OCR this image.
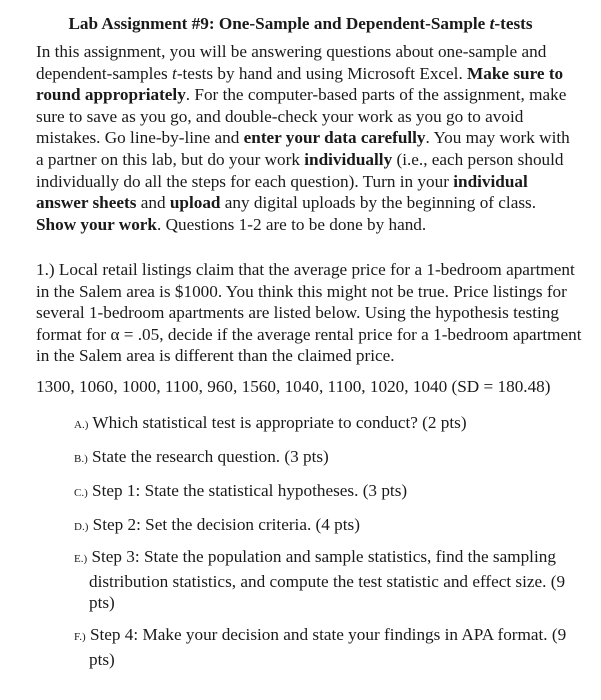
Lab Assignment #9: One-Sample and Dependent-Sample t-tests
In this assignment, you will be answering questions about one-sample and
dependent-samples t-tests by hand and using Microsoft Excel. Make sure to
round appropriately. For the computer-based parts of the assignment, make
sure to save as you go, and double-check your work as you go to avoid
mistakes. Go line-by-line and enter your data carefully. You may work with
a partner on this lab, but do your work individually (i.e., each person should
individually do all the steps for each question). Turn in your individual
answer sheets and upload any digital uploads by the beginning of class.
Show your work. Questions 1-2 are to be done by hand.
1.) Local retail listings claim that the average price for a 1-bedroom apartment
in the Salem area is $1000. You think this might not be true. Price listings for
several 1-bedroom apartments are listed below. Using the hypothesis testing
format for α = .05, decide if the average rental price for a 1-bedroom apartment
in the Salem area is different than the claimed price.
1300, 1060, 1000, 1100, 960, 1560, 1040, 1100, 1020, 1040 (SD = 180.48)
A.) Which statistical test is appropriate to conduct? (2 pts)
B.) State the research question. (3 pts)
C.) Step 1: State the statistical hypotheses. (3 pts)
D.) Step 2: Set the decision criteria. (4 pts)
E.) Step 3: State the population and sample statistics, find the sampling
distribution statistics, and compute the test statistic and effect size. (9
pts)
F.) Step 4: Make your decision and state your findings in APA format. (9
pts)
